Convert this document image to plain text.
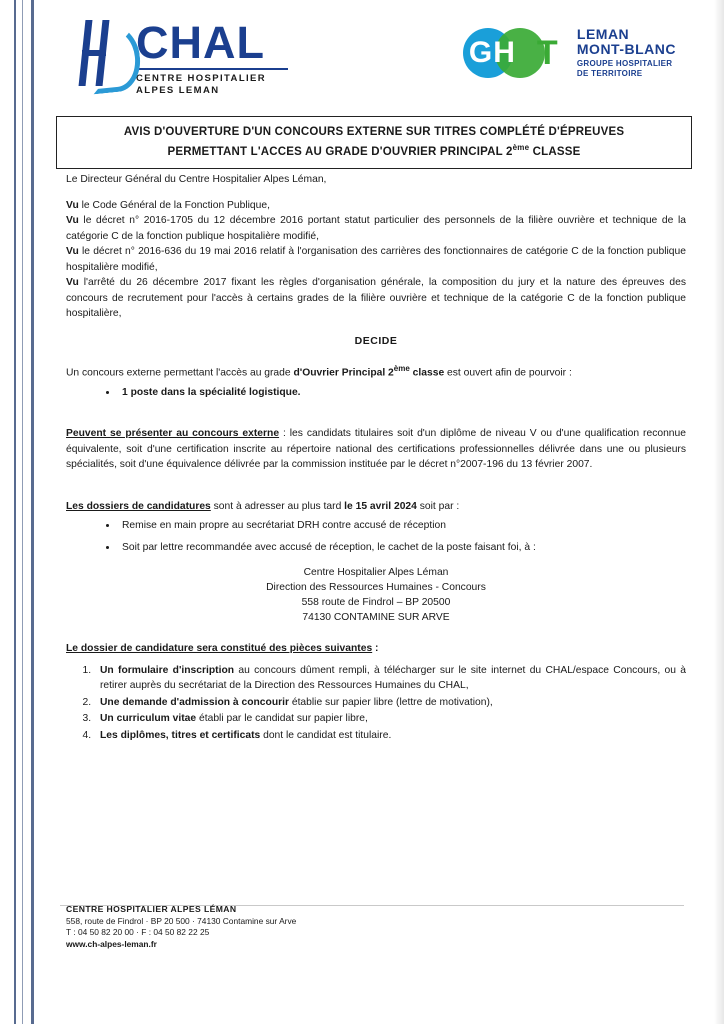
CHAL
CENTRE HOSPITALIER
ALPES LEMAN
GH T LEMAN
MONT-BLANC
GROUPE HOSPITALIER
DE TERRITOIRE
AVIS D'OUVERTURE D'UN CONCOURS EXTERNE SUR TITRES COMPLÉTÉ D'ÉPREUVES
PERMETTANT L'ACCES AU GRADE D'OUVRIER PRINCIPAL 2ème CLASSE

Le Directeur Général du Centre Hospitalier Alpes Léman,

Vu le Code Général de la Fonction Publique,

Vu le décret n° 2016-1705 du 12 décembre 2016 portant statut particulier des personnels de la filière ouvrière et technique de la catégorie C de la fonction publique hospitalière modifié,

Vu le décret n° 2016-636 du 19 mai 2016 relatif à l'organisation des carrières des fonctionnaires de catégorie C de la fonction publique hospitalière modifié,

Vu l'arrêté du 26 décembre 2017 fixant les règles d'organisation générale, la composition du jury et la nature des épreuves des concours de recrutement pour l'accès à certains grades de la filière ouvrière et technique de la catégorie C de la fonction publique hospitalière,

DECIDE

Un concours externe permettant l'accès au grade d'Ouvrier Principal 2ème classe est ouvert afin de pourvoir :

• 1 poste dans la spécialité logistique.

Peuvent se présenter au concours externe : les candidats titulaires soit d'un diplôme de niveau V ou d'une qualification reconnue équivalente, soit d'une certification inscrite au répertoire national des certifications professionnelles délivrée dans une ou plusieurs spécialités, soit d'une équivalence délivrée par la commission instituée par le décret n°2007-196 du 13 février 2007.

Les dossiers de candidatures sont à adresser au plus tard le 15 avril 2024 soit par :

• Remise en main propre au secrétariat DRH contre accusé de réception
• Soit par lettre recommandée avec accusé de réception, le cachet de la poste faisant foi, à :
Centre Hospitalier Alpes Léman
Direction des Ressources Humaines - Concours
558 route de Findrol – BP 20500
74130 CONTAMINE SUR ARVE

Le dossier de candidature sera constitué des pièces suivantes :

1. Un formulaire d'inscription au concours dûment rempli, à télécharger sur le site internet du CHAL/espace Concours, ou à retirer auprès du secrétariat de la Direction des Ressources Humaines du CHAL,
2. Une demande d'admission à concourir établie sur papier libre (lettre de motivation),
3. Un curriculum vitae établi par le candidat sur papier libre,
4. Les diplômes, titres et certificats dont le candidat est titulaire.
CENTRE HOSPITALIER ALPES LÉMAN
558, route de Findrol · BP 20 500 · 74130 Contamine sur Arve
T : 04 50 82 20 00 · F : 04 50 82 22 25
www.ch-alpes-leman.fr
